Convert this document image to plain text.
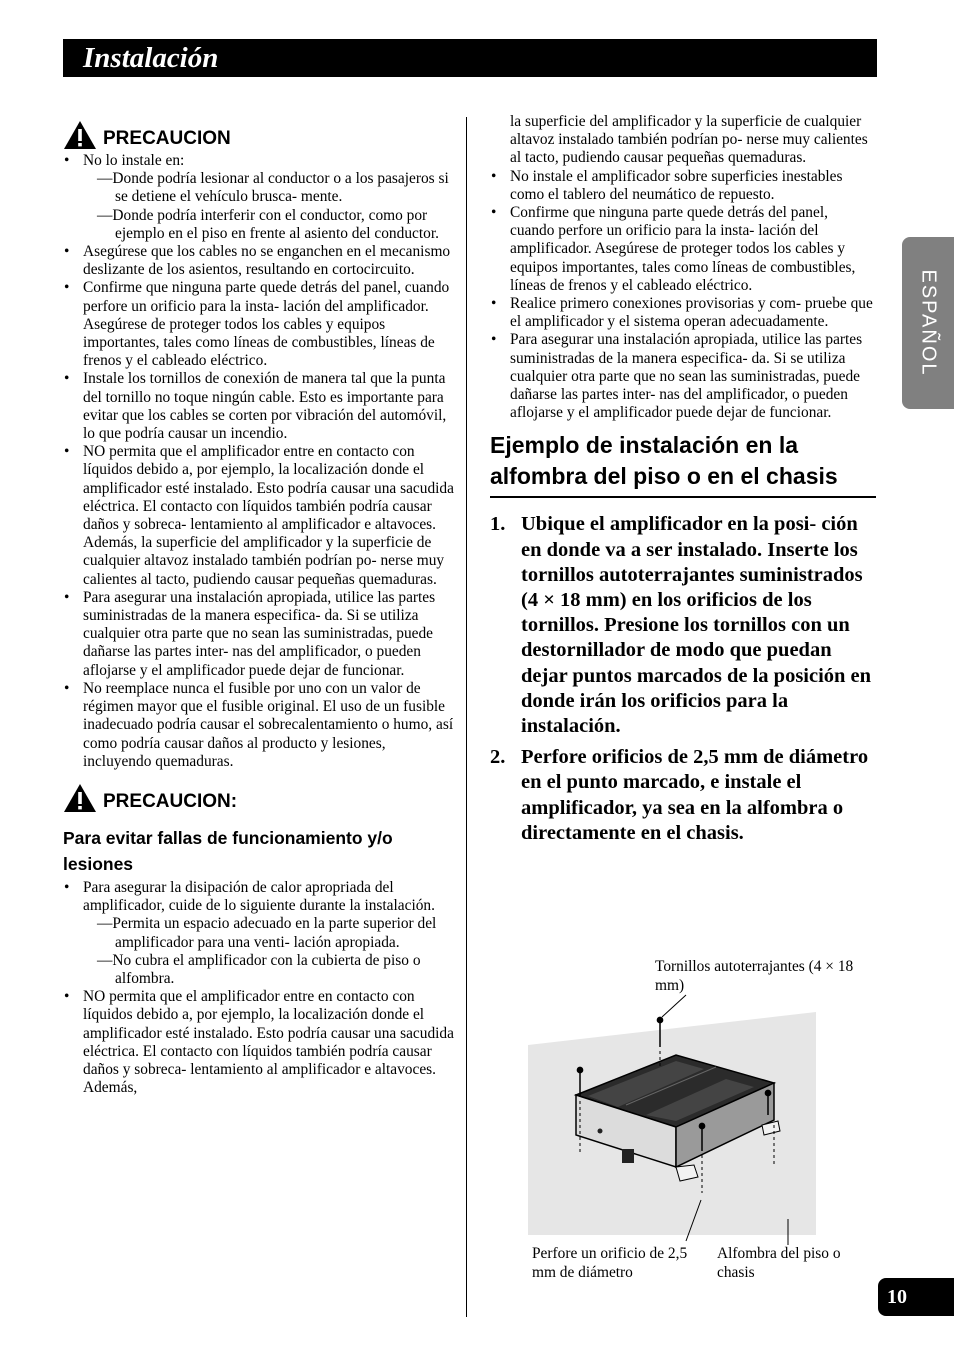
Instalación
ESPAÑOL
PRECAUCION
• No lo instale en:
—Donde podría lesionar al conductor o a los pasajeros si se detiene el vehículo brusca- mente.
—Donde podría interferir con el conductor, como por ejemplo en el piso en frente al asiento del conductor.
• Asegúrese que los cables no se enganchen en el mecanismo deslizante de los asientos, resultando en cortocircuito.
• Confirme que ninguna parte quede detrás del panel, cuando perfore un orificio para la insta- lación del amplificador. Asegúrese de proteger todos los cables y equipos importantes, tales como líneas de combustibles, líneas de frenos y el cableado eléctrico.
• Instale los tornillos de conexión de manera tal que la punta del tornillo no toque ningún cable. Esto es importante para evitar que los cables se corten por vibración del automóvil, lo que podría causar un incendio.
• NO permita que el amplificador entre en contacto con líquidos debido a, por ejemplo, la localización donde el amplificador esté instalado. Esto podría causar una sacudida eléctrica. El contacto con líquidos también podría causar daños y sobreca- lentamiento al amplificador e altavoces. Además, la superficie del amplificador y la superficie de cualquier altavoz instalado también podrían po- nerse muy calientes al tacto, pudiendo causar pequeñas quemaduras.
• Para asegurar una instalación apropiada, utilice las partes suministradas de la manera especifica- da. Si se utiliza cualquier otra parte que no sean las suministradas, puede dañarse las partes inter- nas del amplificador, o pueden aflojarse y el amplificador puede dejar de funcionar.
• No reemplace nunca el fusible por uno con un valor de régimen mayor que el fusible original. El uso de un fusible inadecuado podría causar el sobrecalentamiento o humo, así como podría causar daños al producto y lesiones, incluyendo quemaduras.
PRECAUCION:
Para evitar fallas de funcionamiento y/o lesiones
• Para asegurar la disipación de calor apropriada del amplificador, cuide de lo siguiente durante la instalación.
—Permita un espacio adecuado en la parte superior del amplificador para una venti- lación apropiada.
—No cubra el amplificador con la cubierta de piso o alfombra.
• NO permita que el amplificador entre en contacto con líquidos debido a, por ejemplo, la localización donde el amplificador esté instalado. Esto podría causar una sacudida eléctrica. El contacto con líquidos también podría causar daños y sobreca- lentamiento al amplificador e altavoces. Además,
la superficie del amplificador y la superficie de cualquier altavoz instalado también podrían po- nerse muy calientes al tacto, pudiendo causar pequeñas quemaduras.
• No instale el amplificador sobre superficies inestables como el tablero del neumático de repuesto.
• Confirme que ninguna parte quede detrás del panel, cuando perfore un orificio para la insta- lación del amplificador. Asegúrese de proteger todos los cables y equipos importantes, tales como líneas de combustibles, líneas de frenos y el cableado eléctrico.
• Realice primero conexiones provisorias y com- pruebe que el amplificador y el sistema operan adecuadamente.
• Para asegurar una instalación apropiada, utilice las partes suministradas de la manera especifica- da. Si se utiliza cualquier otra parte que no sean las suministradas, puede dañarse las partes inter- nas del amplificador, o pueden aflojarse y el amplificador puede dejar de funcionar.
Ejemplo de instalación en la alfombra del piso o en el chasis
1. Ubique el amplificador en la posi- ción en donde va a ser instalado. Inserte los tornillos autoterrajantes suministrados (4 × 18 mm) en los orificios de los tornillos. Presione los tornillos con un destornillador de modo que puedan dejar puntos marcados de la posición en donde irán los orificios para la instalación.
2. Perfore orificios de 2,5 mm de diámetro en el punto marcado, e instale el amplificador, ya sea en la alfombra o directamente en el chasis.
Tornillos autoterrajantes (4 × 18 mm)
Perfore un orificio de 2,5 mm de diámetro
Alfombra del piso o chasis
10
